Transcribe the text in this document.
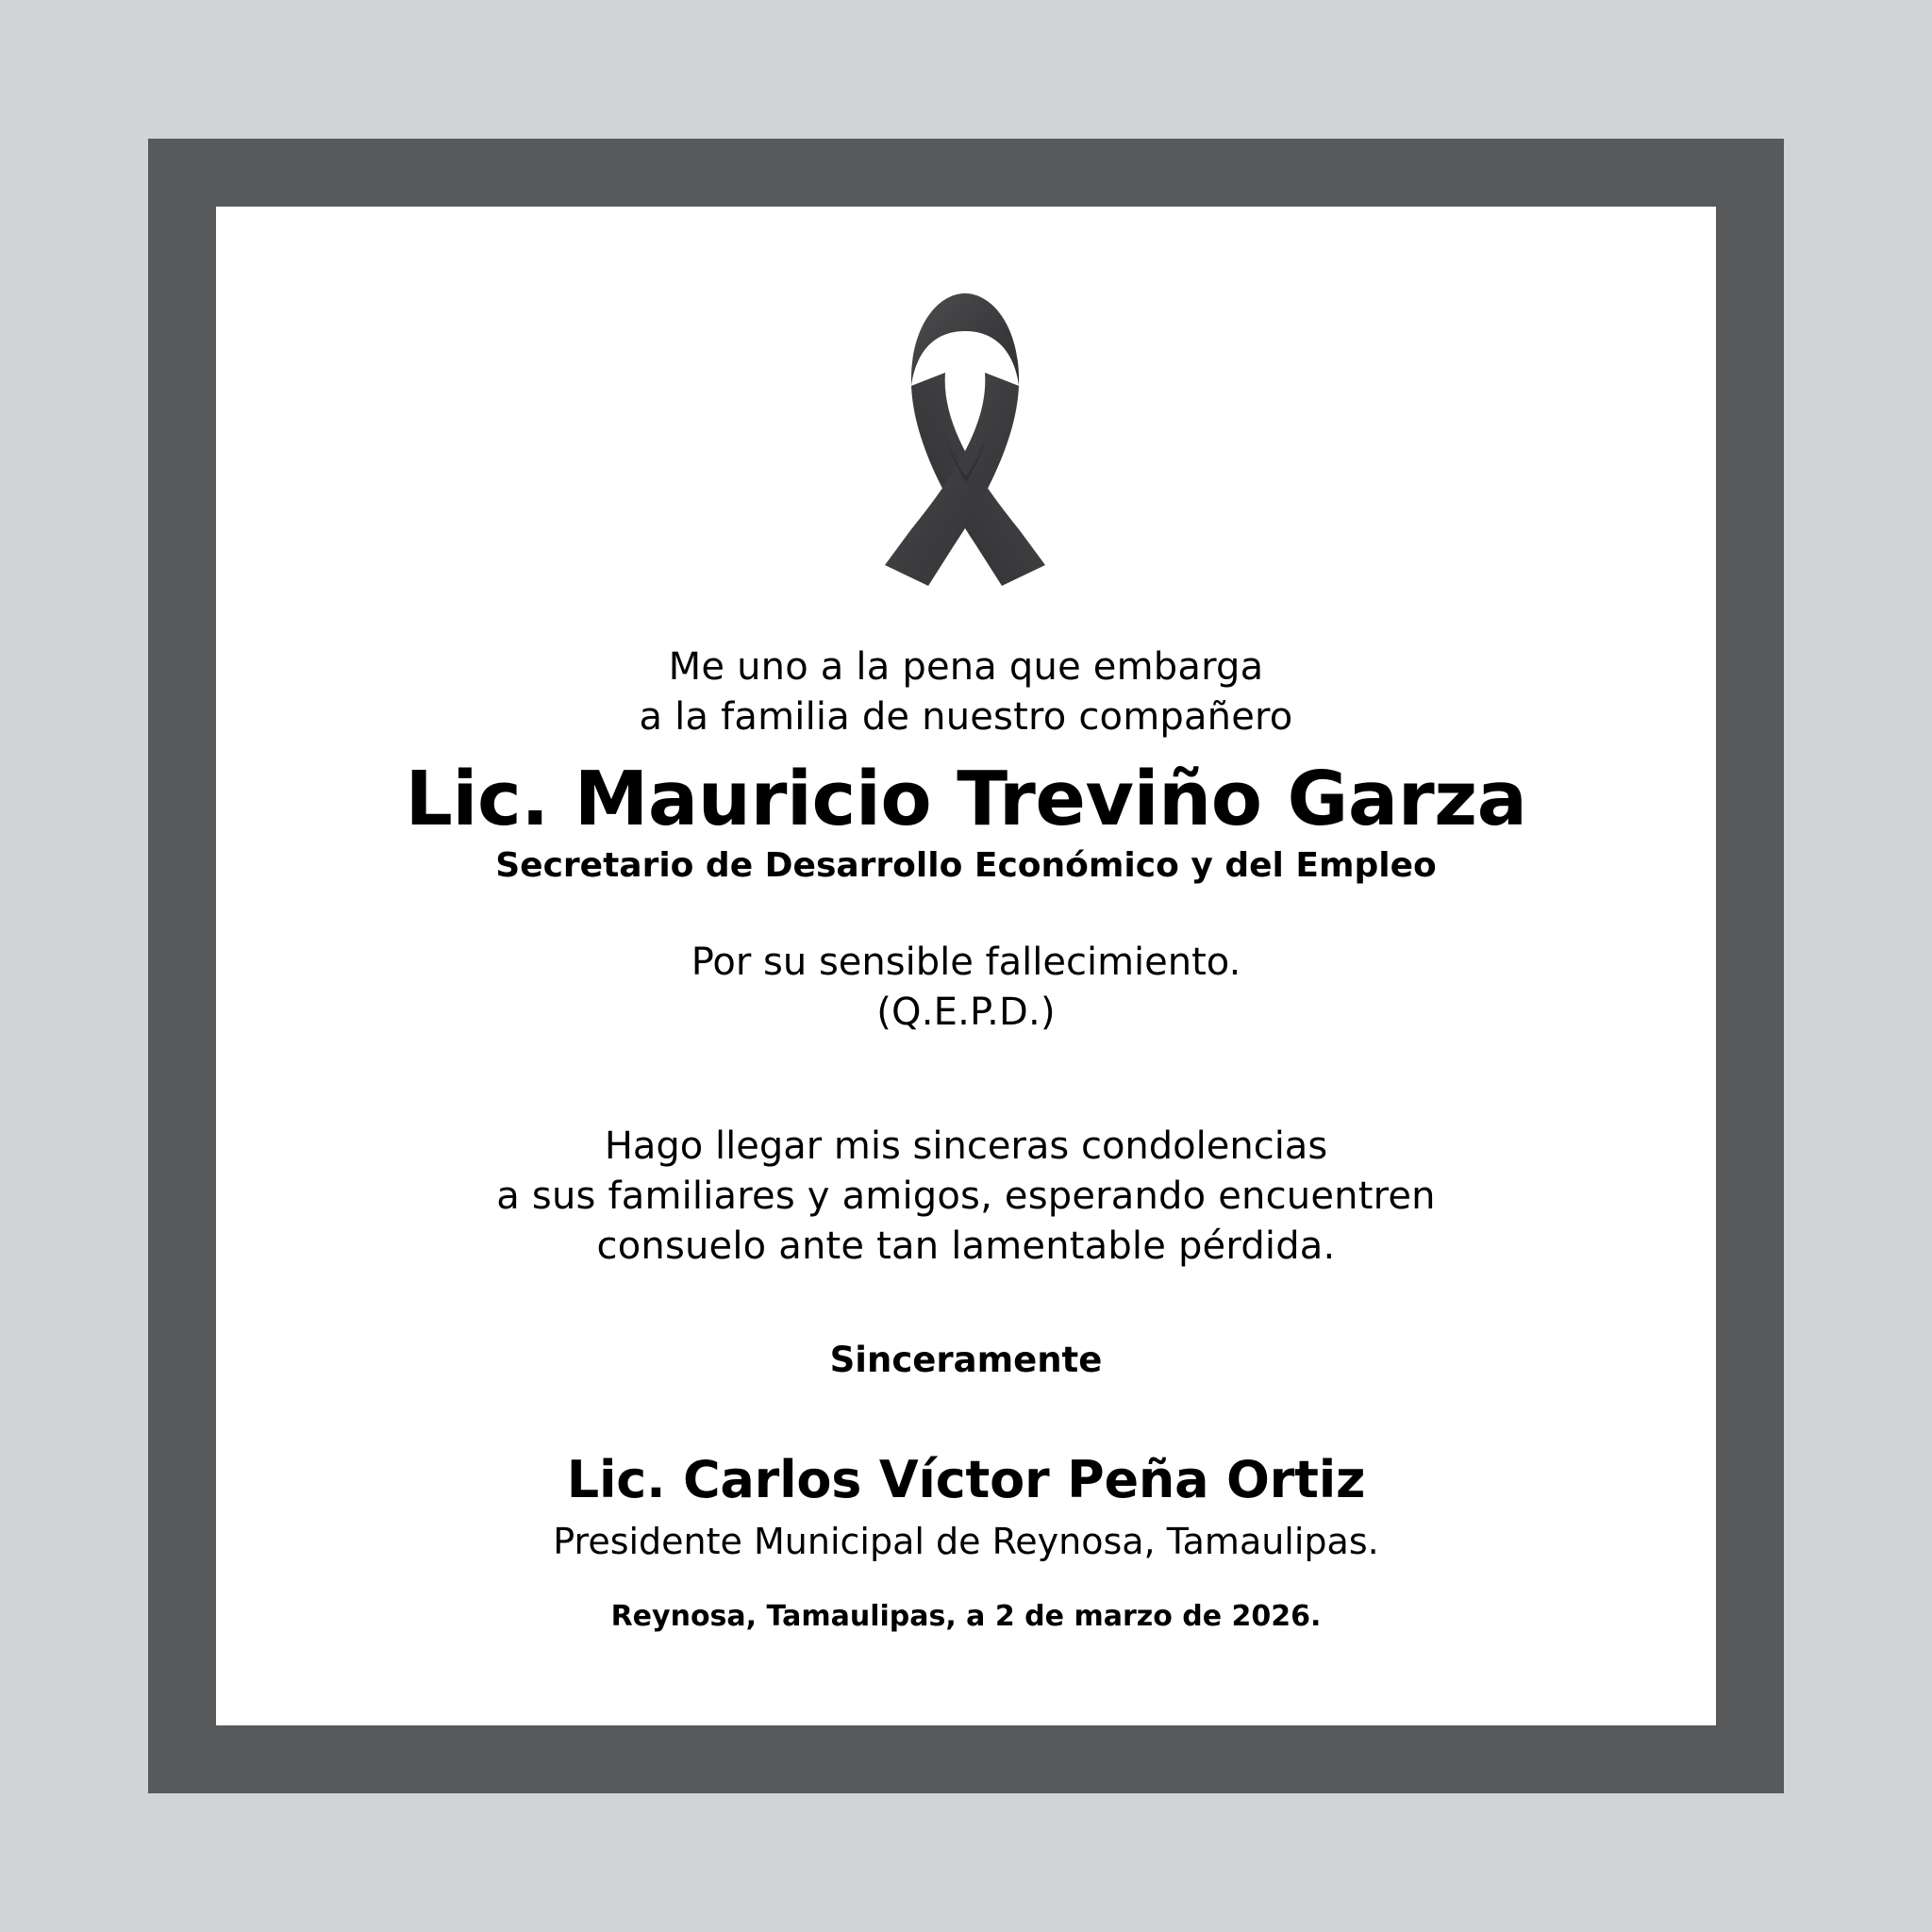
Me uno a la pena que embarga
a la familia de nuestro compañero
Lic. Mauricio Treviño Garza
Secretario de Desarrollo Económico y del Empleo
Por su sensible fallecimiento.
(Q.E.P.D.)
Hago llegar mis sinceras condolencias
a sus familiares y amigos, esperando encuentren
consuelo ante tan lamentable pérdida.
Sinceramente
Lic. Carlos Víctor Peña Ortiz
Presidente Municipal de Reynosa, Tamaulipas.
Reynosa, Tamaulipas, a 2 de marzo de 2026.
